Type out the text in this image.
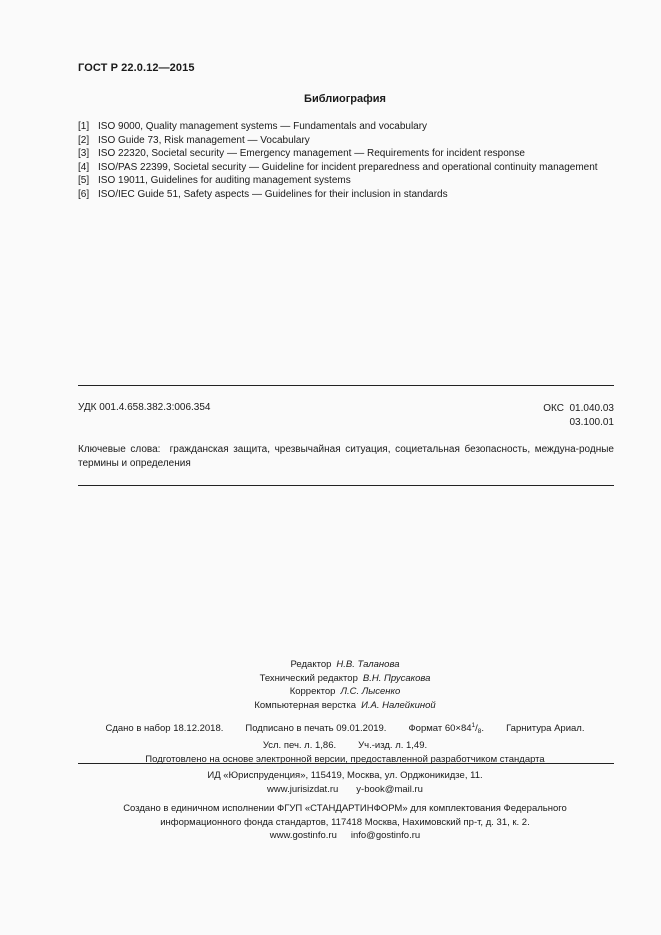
ГОСТ Р 22.0.12—2015
Библиография
[1] ISO 9000, Quality management systems — Fundamentals and vocabulary
[2] ISO Guide 73, Risk management — Vocabulary
[3] ISO 22320, Societal security — Emergency management — Requirements for incident response
[4] ISO/PAS 22399, Societal security — Guideline for incident preparedness and operational continuity management
[5] ISO 19011, Guidelines for auditing management systems
[6] ISO/IEC Guide 51, Safety aspects — Guidelines for their inclusion in standards
УДК 001.4.658.382.3:006.354	ОКС 01.040.03
03.100.01
Ключевые слова: гражданская защита, чрезвычайная ситуация, социетальная безопасность, междуна-родные термины и определения
Редактор Н.В. Таланова
Технический редактор В.Н. Прусакова
Корректор Л.С. Лысенко
Компьютерная верстка И.А. Налейкиной
Сдано в набор 18.12.2018. Подписано в печать 09.01.2019. Формат $60\times 84^1/_8$. Гарнитура Ариал.
Усл. печ. л. 1,86. Уч.-изд. л. 1,49.
Подготовлено на основе электронной версии, предоставленной разработчиком стандарта
ИД «Юриспруденция», 115419, Москва, ул. Орджоникидзе, 11.
www.jurisizdat.ru y-book@mail.ru
Создано в единичном исполнении ФГУП «СТАНДАРТИНФОРМ» для комплектования Федерального
информационного фонда стандартов, 117418 Москва, Нахимовский пр-т, д. 31, к. 2.
www.gostinfo.ru info@gostinfo.ru
